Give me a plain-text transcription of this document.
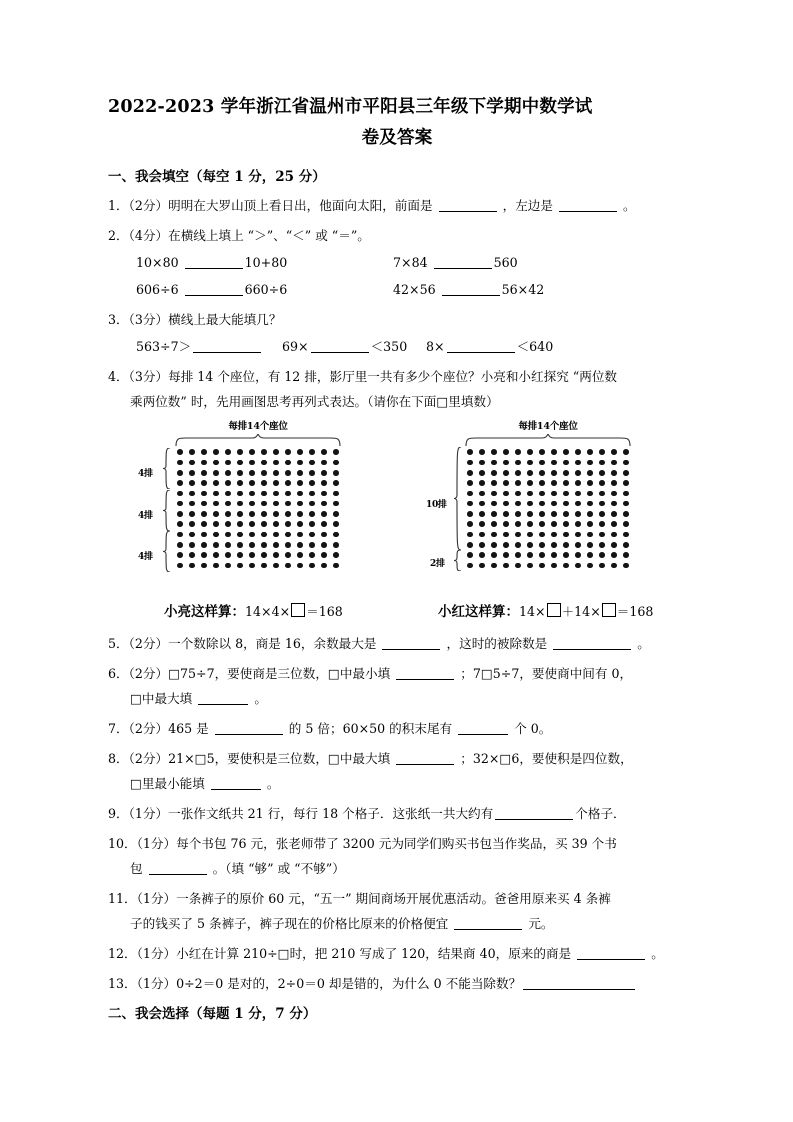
2022-2023 学年浙江省温州市平阳县三年级下学期中数学试
卷及答案
一、我会填空（每空 1 分，25 分）
1．（2分）明明在大罗山顶上看日出，他面向太阳，前面是	，左边是	。
2．（4分）在横线上填上 “＞”、“＜” 或 “＝”。
10×80	10+80	7×84	560
606÷6	660÷6	42×56	56×42
3．（3分）横线上最大能填几？
563÷7＞	69×	＜350 8×	＜640
4．（3分）每排 14 个座位，有 12 排，影厅里一共有多少个座位？小亮和小红探究 “两位数
乘两位数” 时，先用画图思考再列式表达。（请你在下面□里填数）
每排14个座位
4排
4排
4排
每排14个座位
10排
2排
小亮这样算：14×4× ＝168	小红这样算：14× ＋14× ＝168
5．（2分）一个数除以 8，商是 16，余数最大是	，这时的被除数是	。
6．（2分）□75÷7，要使商是三位数，□中最小填	；7□5÷7，要使商中间有 0，
□中最大填	。
7．（2分）465 是	的 5 倍；60×50 的积末尾有	个 0。
8．（2分）21×□5，要使积是三位数，□中最大填	；32×□6，要使积是四位数，
□里最小能填	。
9．（1分）一张作文纸共 21 行，每行 18 个格子．这张纸一共大约有	个格子．
10．（1分）每个书包 76 元，张老师带了 3200 元为同学们购买书包当作奖品，买 39 个书
包	。（填 “够” 或 “不够”）
11．（1分）一条裤子的原价 60 元，“五一” 期间商场开展优惠活动。爸爸用原来买 4 条裤
子的钱买了 5 条裤子，裤子现在的价格比原来的价格便宜	元。
12．（1分）小红在计算 210÷□时，把 210 写成了 120，结果商 40，原来的商是	。
13．（1分）0÷2＝0 是对的，2÷0＝0 却是错的，为什么 0 不能当除数？
二、我会选择（每题 1 分，7 分）
